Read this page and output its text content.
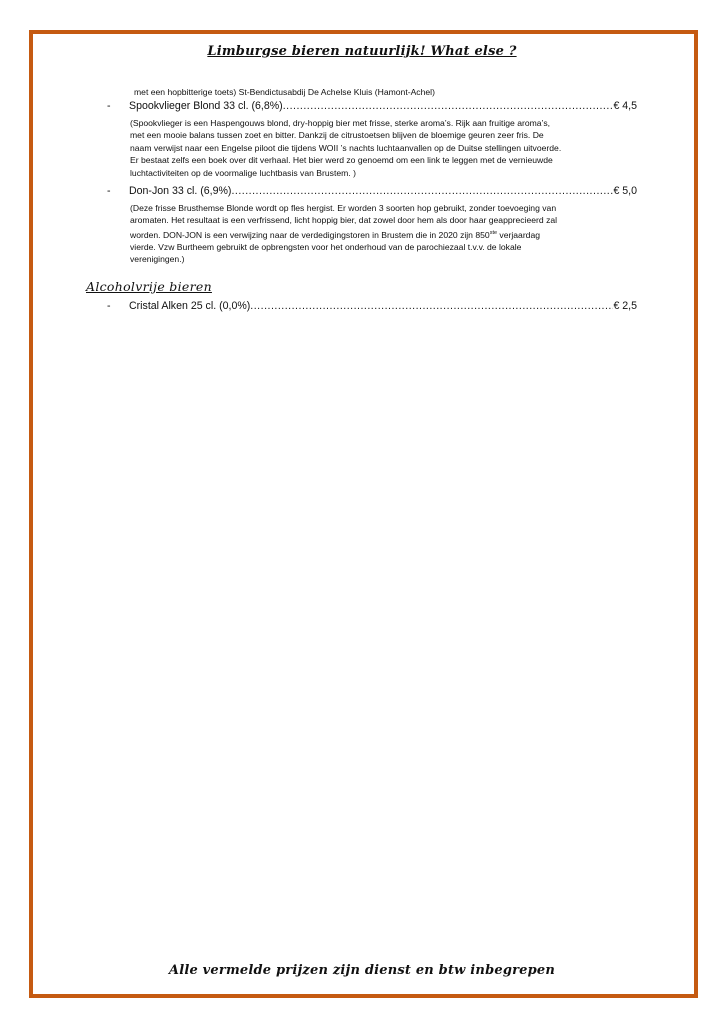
Limburgse bieren natuurlijk! What else ?
met een hopbitterige toets) St-Bendictusabdij De Achelse Kluis (Hamont-Achel)
-	Spookvlieger Blond 33 cl. (6,8%) .....	€ 4,5
(Spookvlieger is een Haspengouws blond, dry-hoppig bier met frisse, sterke aroma’s. Rijk aan fruitige aroma’s,
met een mooie balans tussen zoet en bitter. Dankzij de citrustoetsen blijven de bloemige geuren zeer fris. De
naam verwijst naar een Engelse piloot die tijdens WOII ’s nachts luchtaanvallen op de Duitse stellingen uitvoerde.
Er bestaat zelfs een boek over dit verhaal. Het bier werd zo genoemd om een link te leggen met de vernieuwde
luchtactiviteiten op de voormalige luchtbasis van Brustem. )
-	Don-Jon 33 cl. (6,9%) .....	€ 5,0
(Deze frisse Brusthemse Blonde wordt op fles hergist. Er worden 3 soorten hop gebruikt, zonder toevoeging van
aromaten. Het resultaat is een verfrissend, licht hoppig bier, dat zowel door hem als door haar geapprecieerd zal
worden. DON-JON is een verwijzing naar de verdedigingstoren in Brustem die in 2020 zijn 850ste verjaardag
vierde. Vzw Burtheem gebruikt de opbrengsten voor het onderhoud van de parochiezaal t.v.v. de lokale
verenigingen.)
Alcoholvrije bieren
-	Cristal Alken 25 cl. (0,0%) .....	€ 2,5
Alle vermelde prijzen zijn dienst en btw inbegrepen
